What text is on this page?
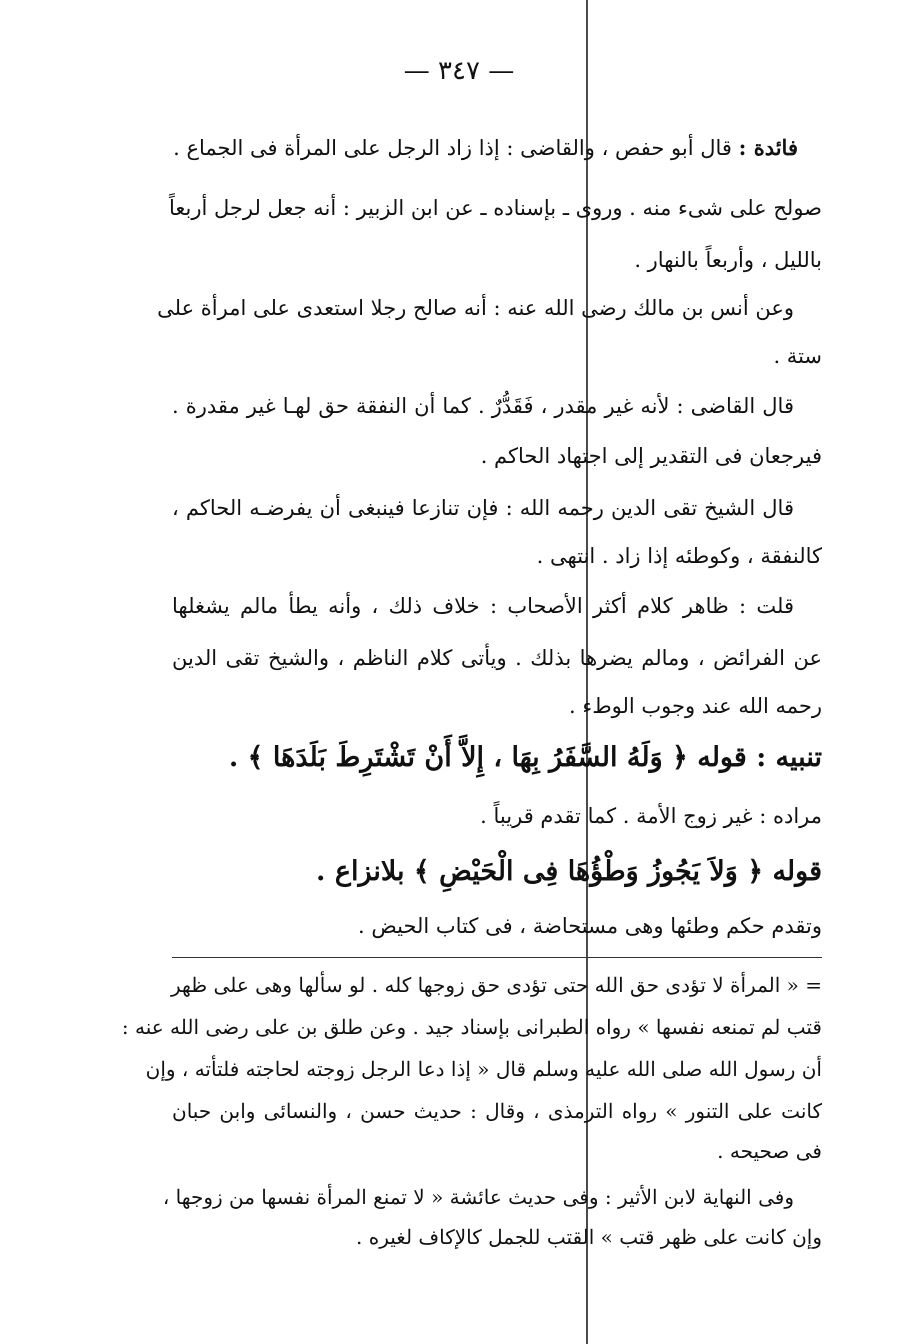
— ٣٤٧ —
فائدة : قال أبو حفص ، والقاضى : إذا زاد الرجل على المرأة فى الجماع .
صولح على شىء منه . وروى ـ بإسناده ـ عن ابن الزبير : أنه جعل لرجل أربعاً
بالليل ، وأربعاً بالنهار .
وعن أنس بن مالك رضى الله عنه : أنه صالح رجلا استعدى على امرأة على
ستة .
قال القاضى : لأنه غير مقدر ، فَقَدُّرٌ . كما أن النفقة حق لهـا غير مقدرة .
فيرجعان فى التقدير إلى اجتهاد الحاكم .
قال الشيخ تقى الدين رحمه الله : فإن تنازعا فينبغى أن يفرضـه الحاكم ،
كالنفقة ، وكوطئه إذا زاد . انتهى .
قلت : ظاهر كلام أكثر الأصحاب : خلاف ذلك ، وأنه يطأ مالم يشغلها
عن الفرائض ، ومالم يضرها بذلك . ويأتى كلام الناظم ، والشيخ تقى الدين
رحمه الله عند وجوب الوطء .
تنبيه : قوله ﴿ وَلَهُ السَّفَرُ بِهَا ، إِلاَّ أَنْ تَشْتَرِطَ بَلَدَهَا ﴾ .
مراده : غير زوج الأمة . كما تقدم قريباً .
قوله ﴿ وَلاَ يَجُوزُ وَطْؤُهَا فِى الْحَيْضِ ﴾ بلانزاع .
وتقدم حكم وطئها وهى مستحاضة ، فى كتاب الحيض .
= « المرأة لا تؤدى حق الله حتى تؤدى حق زوجها كله . لو سألها وهى على ظهر
قتب لم تمنعه نفسها » رواه الطبرانى بإسناد جيد . وعن طلق بن على رضى الله عنه :
أن رسول الله صلى الله عليه وسلم قال « إذا دعا الرجل زوجته لحاجته فلتأته ، وإن
كانت على التنور » رواه الترمذى ، وقال : حديث حسن ، والنسائى وابن حبان
فى صحيحه .
وفى النهاية لابن الأثير : وفى حديث عائشة « لا تمنع المرأة نفسها من زوجها ،
وإن كانت على ظهر قتب » القتب للجمل كالإكاف لغيره .
